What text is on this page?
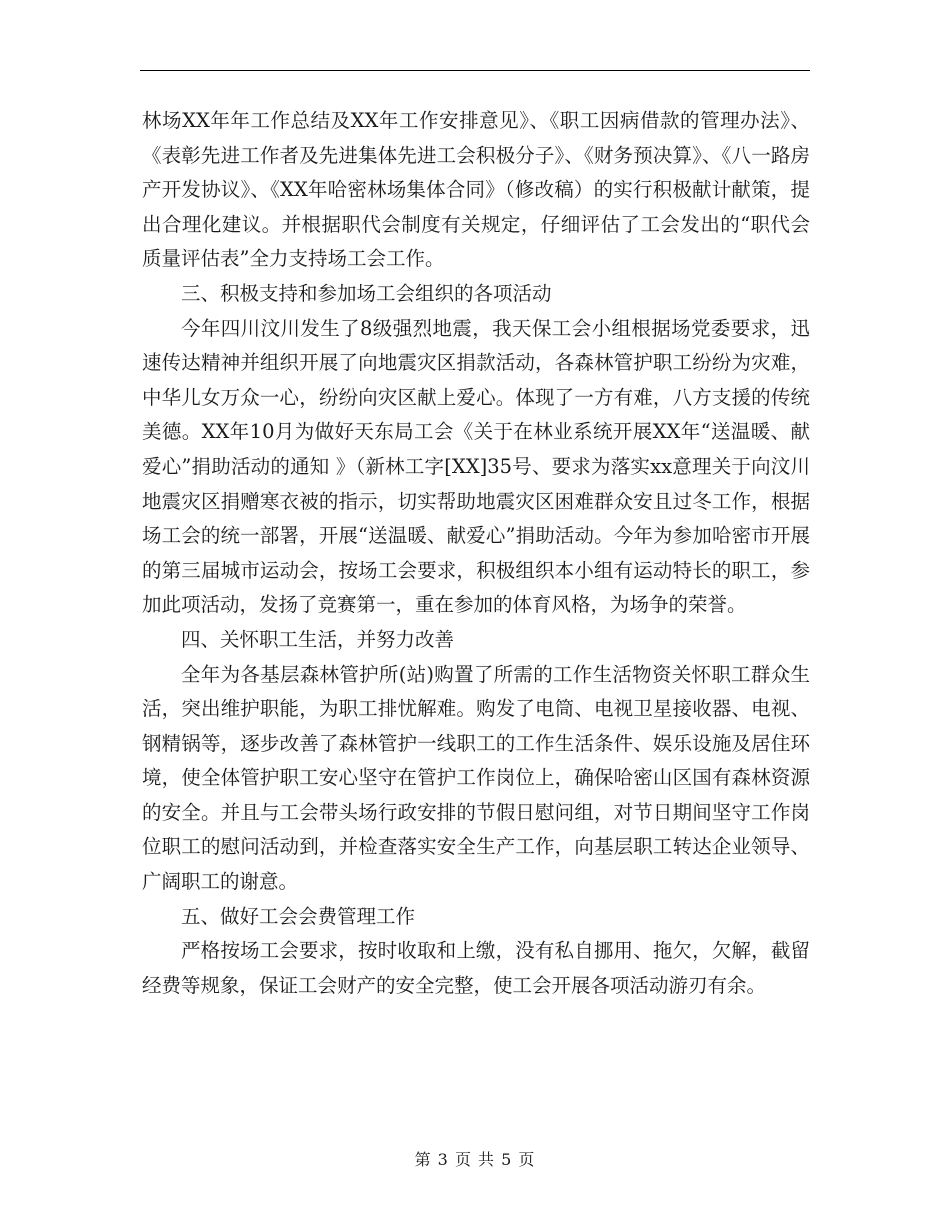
林场XX年年工作总结及XX年工作安排意见》、《职工因病借款的管理办法》、《表彰先进工作者及先进集体先进工会积极分子》、《财务预决算》、《八一路房产开发协议》、《XX年哈密林场集体合同》（修改稿）的实行积极献计献策，提出合理化建议。并根据职代会制度有关规定，仔细评估了工会发出的“职代会质量评估表”全力支持场工会工作。

三、积极支持和参加场工会组织的各项活动

今年四川汶川发生了8级强烈地震，我天保工会小组根据场党委要求，迅速传达精神并组织开展了向地震灾区捐款活动，各森林管护职工纷纷为灾难，中华儿女万众一心，纷纷向灾区献上爱心。体现了一方有难，八方支援的传统美德。XX年10月为做好天东局工会《关于在林业系统开展XX年“送温暖、献爱心”捐助活动的通知 》（新林工字[XX]35号、要求为落实xx意理关于向汶川地震灾区捐赠寒衣被的指示，切实帮助地震灾区困难群众安且过冬工作，根据场工会的统一部署，开展“送温暖、献爱心”捐助活动。今年为参加哈密市开展的第三届城市运动会，按场工会要求，积极组织本小组有运动特长的职工，参加此项活动，发扬了竞赛第一，重在参加的体育风格，为场争的荣誉。

四、关怀职工生活，并努力改善

全年为各基层森林管护所(站)购置了所需的工作生活物资关怀职工群众生活，突出维护职能，为职工排忧解难。购发了电筒、电视卫星接收器、电视、钢精锅等，逐步改善了森林管护一线职工的工作生活条件、娱乐设施及居住环境，使全体管护职工安心坚守在管护工作岗位上，确保哈密山区国有森林资源的安全。并且与工会带头场行政安排的节假日慰问组，对节日期间坚守工作岗位职工的慰问活动到，并检查落实安全生产工作，向基层职工转达企业领导、广阔职工的谢意。

五、做好工会会费管理工作

严格按场工会要求，按时收取和上缴，没有私自挪用、拖欠，欠解，截留经费等规象，保证工会财产的安全完整，使工会开展各项活动游刃有余。

第 3 页 共 5 页
